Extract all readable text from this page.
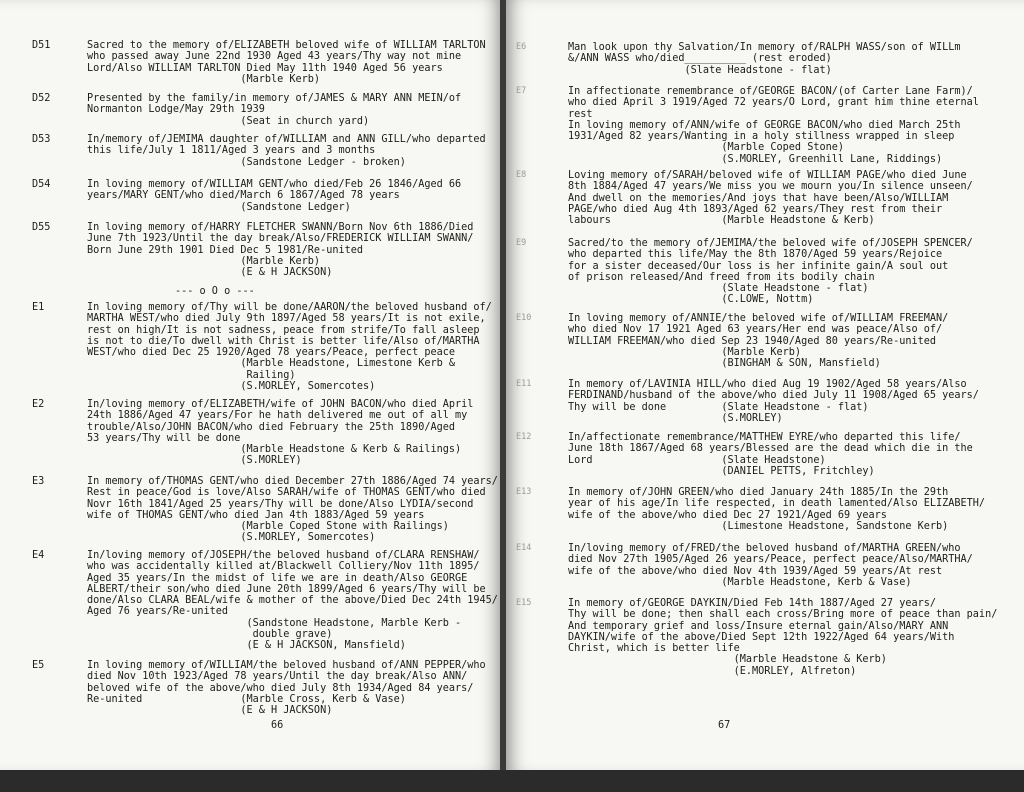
D51	Sacred to the memory of/ELIZABETH beloved wife of WILLIAM TARLTON
who passed away June 22nd 1930 Aged 43 years/Thy way not mine
Lord/Also WILLIAM TARLTON Died May 11th 1940 Aged 56 years
(Marble Kerb)
D52	Presented by the family/in memory of/JAMES & MARY ANN MEIN/of
Normanton Lodge/May 29th 1939
(Seat in church yard)
D53	In/memory of/JEMIMA daughter of/WILLIAM and ANN GILL/who departed
this life/July 1 1811/Aged 3 years and 3 months
(Sandstone Ledger - broken)
D54	In loving memory of/WILLIAM GENT/who died/Feb 26 1846/Aged 66
years/MARY GENT/who died/March 6 1867/Aged 78 years
(Sandstone Ledger)
D55	In loving memory of/HARRY FLETCHER SWANN/Born Nov 6th 1886/Died
June 7th 1923/Until the day break/Also/FREDERICK WILLIAM SWANN/
Born June 29th 1901 Died Dec 5 1981/Re-united
(Marble Kerb)
(E & H JACKSON)
E1	In loving memory of/Thy will be done/AARON/the beloved husband of/
MARTHA WEST/who died July 9th 1897/Aged 58 years/It is not exile,
rest on high/It is not sadness, peace from strife/To fall asleep
is not to die/To dwell with Christ is better life/Also of/MARTHA
WEST/who died Dec 25 1920/Aged 78 years/Peace, perfect peace
(Marble Headstone, Limestone Kerb &
Railing)
(S.MORLEY, Somercotes)
E2	In/loving memory of/ELIZABETH/wife of JOHN BACON/who died April
24th 1886/Aged 47 years/For he hath delivered me out of all my
trouble/Also/JOHN BACON/who died February the 25th 1890/Aged
53 years/Thy will be done
(Marble Headstone & Kerb & Railings)
(S.MORLEY)
E3	In memory of/THOMAS GENT/who died December 27th 1886/Aged 74 years/
Rest in peace/God is love/Also SARAH/wife of THOMAS GENT/who died
Novr 16th 1841/Aged 25 years/Thy will be done/Also LYDIA/second
wife of THOMAS GENT/who died Jan 4th 1883/Aged 59 years
(Marble Coped Stone with Railings)
(S.MORLEY, Somercotes)
E4	In/loving memory of/JOSEPH/the beloved husband of/CLARA RENSHAW/
who was accidentally killed at/Blackwell Colliery/Nov 11th 1895/
Aged 35 years/In the midst of life we are in death/Also GEORGE
ALBERT/their son/who died June 20th 1899/Aged 6 years/Thy will be
done/Also CLARA BEAL/wife & mother of the above/Died Dec 24th 1945/
Aged 76 years/Re-united
(Sandstone Headstone, Marble Kerb -
double grave)
(E & H JACKSON, Mansfield)
E5	In loving memory of/WILLIAM/the beloved husband of/ANN PEPPER/who
died Nov 10th 1923/Aged 78 years/Until the day break/Also ANN/
beloved wife of the above/who died July 8th 1934/Aged 84 years/
Re-united                (Marble Cross, Kerb & Vase)
(E & H JACKSON)
66
--- o O o ---
E6	Man look upon thy Salvation/In memory of/RALPH WASS/son of WILLm
&/ANN WASS who/died__________ (rest eroded)
(Slate Headstone - flat)
E7	In affectionate remembrance of/GEORGE BACON/(of Carter Lane Farm)/
who died April 3 1919/Aged 72 years/O Lord, grant him thine eternal
rest
In loving memory of/ANN/wife of GEORGE BACON/who died March 25th
1931/Aged 82 years/Wanting in a holy stillness wrapped in sleep
(Marble Coped Stone)
(S.MORLEY, Greenhill Lane, Riddings)
E8	Loving memory of/SARAH/beloved wife of WILLIAM PAGE/who died June
8th 1884/Aged 47 years/We miss you we mourn you/In silence unseen/
And dwell on the memories/And joys that have been/Also/WILLIAM
PAGE/who died Aug 4th 1893/Aged 62 years/They rest from their
labours                  (Marble Headstone & Kerb)
E9	Sacred/to the memory of/JEMIMA/the beloved wife of/JOSEPH SPENCER/
who departed this life/May the 8th 1870/Aged 59 years/Rejoice
for a sister deceased/Our loss is her infinite gain/A soul out
of prison released/And freed from its bodily chain
(Slate Headstone - flat)
(C.LOWE, Nottm)
E10	In loving memory of/ANNIE/the beloved wife of/WILLIAM FREEMAN/
who died Nov 17 1921 Aged 63 years/Her end was peace/Also of/
WILLIAM FREEMAN/who died Sep 23 1940/Aged 80 years/Re-united
(Marble Kerb)
(BINGHAM & SON, Mansfield)
E11	In memory of/LAVINIA HILL/who died Aug 19 1902/Aged 58 years/Also
FERDINAND/husband of the above/who died July 11 1908/Aged 65 years/
Thy will be done         (Slate Headstone - flat)
(S.MORLEY)
E12	In/affectionate remembrance/MATTHEW EYRE/who departed this life/
June 18th 1867/Aged 68 years/Blessed are the dead which die in the
Lord                     (Slate Headstone)
(DANIEL PETTS, Fritchley)
E13	In memory of/JOHN GREEN/who died January 24th 1885/In the 29th
year of his age/In life respected, in death lamented/Also ELIZABETH/
wife of the above/who died Dec 27 1921/Aged 69 years
(Limestone Headstone, Sandstone Kerb)
E14	In/loving memory of/FRED/the beloved husband of/MARTHA GREEN/who
died Nov 27th 1905/Aged 26 years/Peace, perfect peace/Also/MARTHA/
wife of the above/who died Nov 4th 1939/Aged 59 years/At rest
(Marble Headstone, Kerb & Vase)
E15	In memory of/GEORGE DAYKIN/Died Feb 14th 1887/Aged 27 years/
Thy will be done; then shall each cross/Bring more of peace than pain/
And temporary grief and loss/Insure eternal gain/Also/MARY ANN
DAYKIN/wife of the above/Died Sept 12th 1922/Aged 64 years/With
Christ, which is better life
(Marble Headstone & Kerb)
(E.MORLEY, Alfreton)
67
